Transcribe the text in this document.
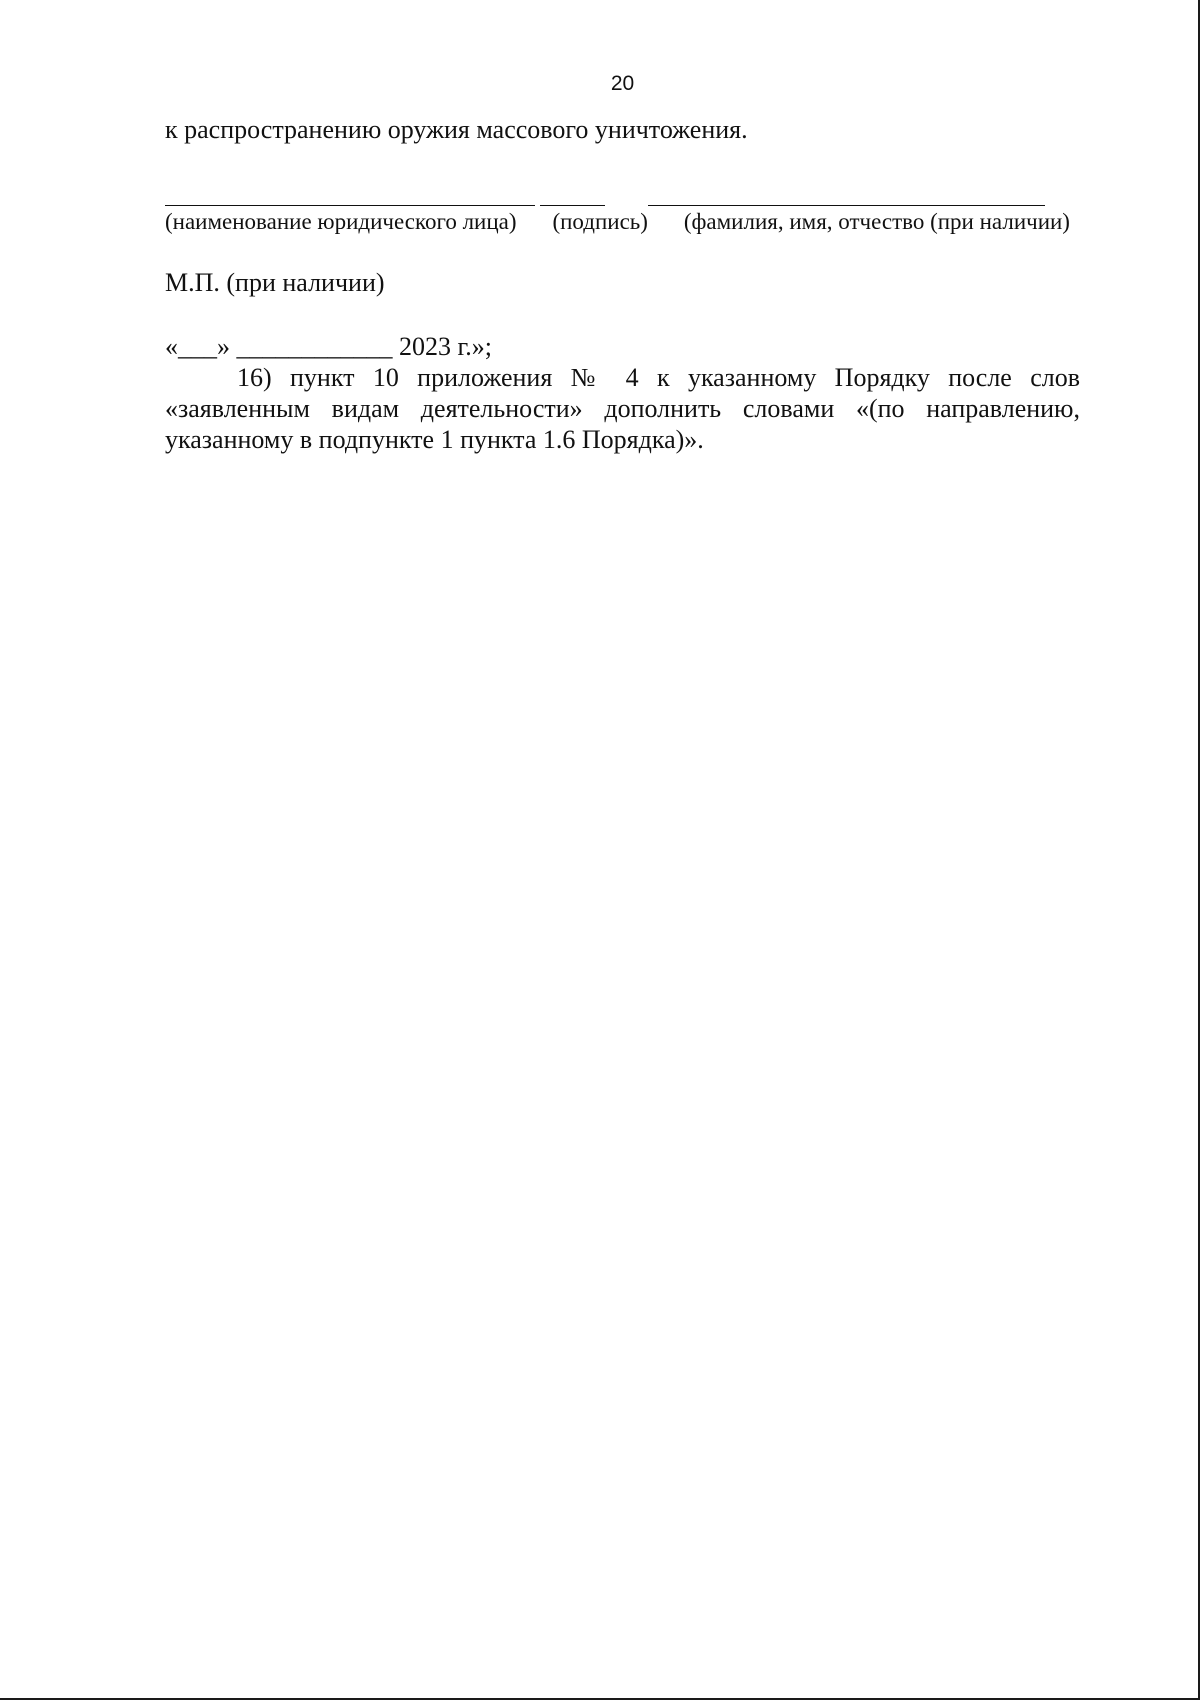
20
к распространению оружия массового уничтожения.
(наименование юридического лица) (подпись) (фамилия, имя, отчество (при наличии)
М.П. (при наличии)
«___» ____________ 2023 г.»;
16) пункт 10 приложения № 4 к указанному Порядку после слов «заявленным видам деятельности» дополнить словами «(по направлению, указанному в подпункте 1 пункта 1.6 Порядка)».
